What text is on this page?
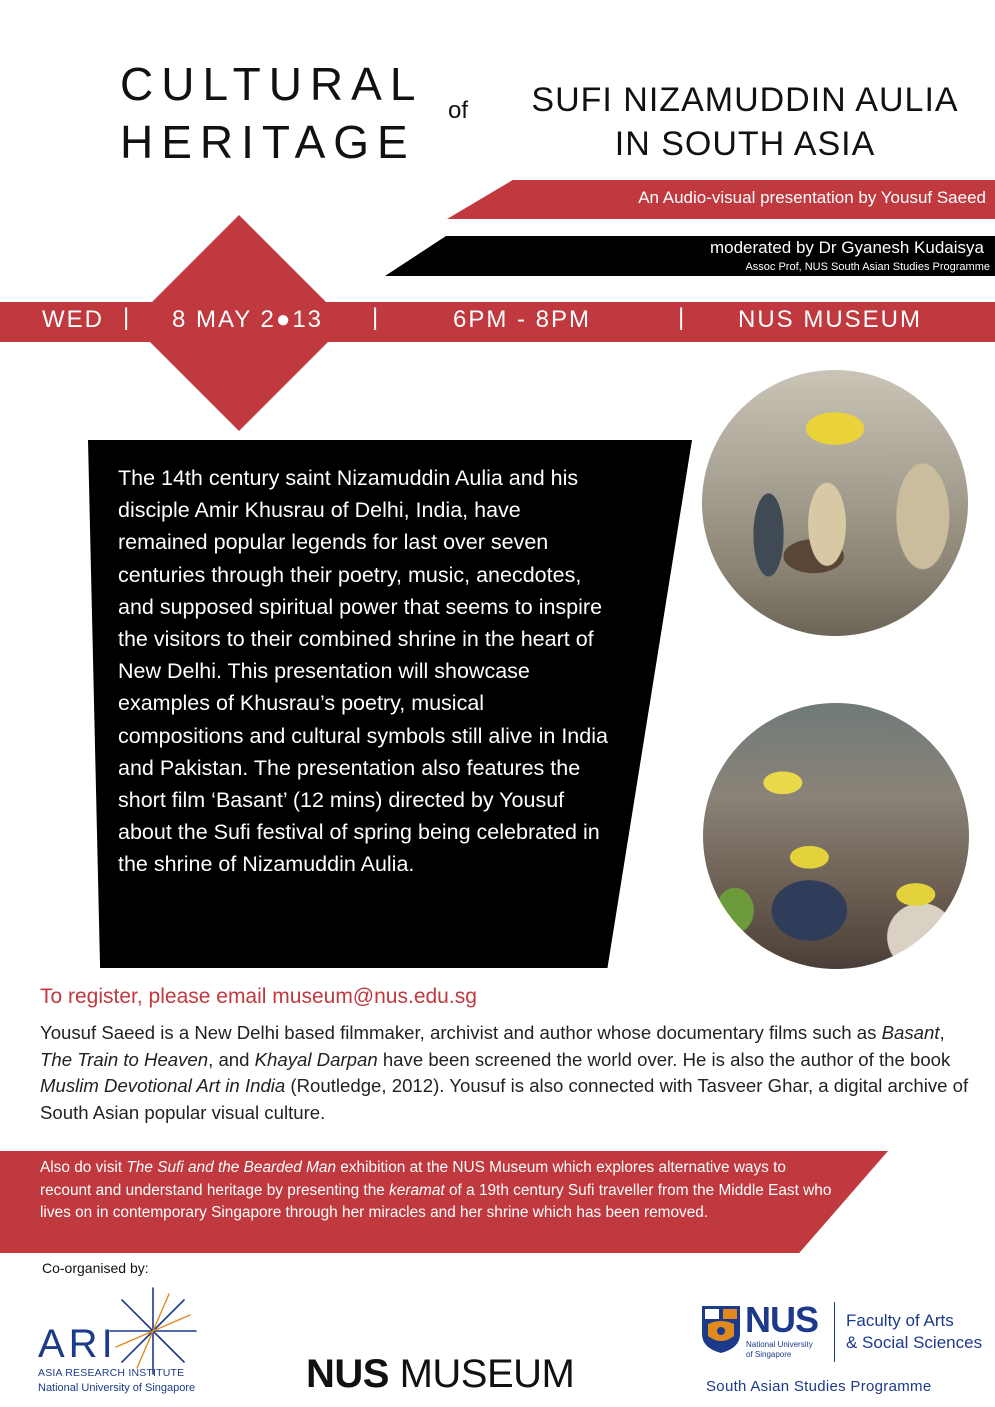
CULTURAL
HERITAGE
of	SUFI NIZAMUDDIN AULIA
IN SOUTH ASIA
An Audio-visual presentation by Yousuf Saeed
moderated by Dr Gyanesh Kudaisya
Assoc Prof, NUS South Asian Studies Programme
WED | 8 MAY 2●13 |	6PM - 8PM	| NUS MUSEUM
The 14th century saint Nizamuddin Aulia and his disciple Amir Khusrau of Delhi, India, have remained popular legends for last over seven centuries through their poetry, music, anecdotes, and supposed spiritual power that seems to inspire the visitors to their combined shrine in the heart of New Delhi. This presentation will showcase examples of Khusrau’s poetry, musical compositions and cultural symbols still alive in India and Pakistan. The presentation also features the short film ‘Basant’ (12 mins) directed by Yousuf about the Sufi festival of spring being celebrated in the shrine of Nizamuddin Aulia.
To register, please email museum@nus.edu.sg
Yousuf Saeed is a New Delhi based filmmaker, archivist and author whose documentary films such as Basant, The Train to Heaven, and Khayal Darpan have been screened the world over. He is also the author of the book Muslim Devotional Art in India (Routledge, 2012). Yousuf is also connected with Tasveer Ghar, a digital archive of South Asian popular visual culture.
Also do visit The Sufi and the Bearded Man exhibition at the NUS Museum which explores alternative ways to recount and understand heritage by presenting the keramat of a 19th century Sufi traveller from the Middle East who lives on in contemporary Singapore through her miracles and her shrine which has been removed.
Co-organised by:
ARI
ASIA RESEARCH INSTITUTE
National University of Singapore	NUS MUSEUM
NUS
National University
of Singapore
Faculty of Arts
& Social Sciences
South Asian Studies Programme
